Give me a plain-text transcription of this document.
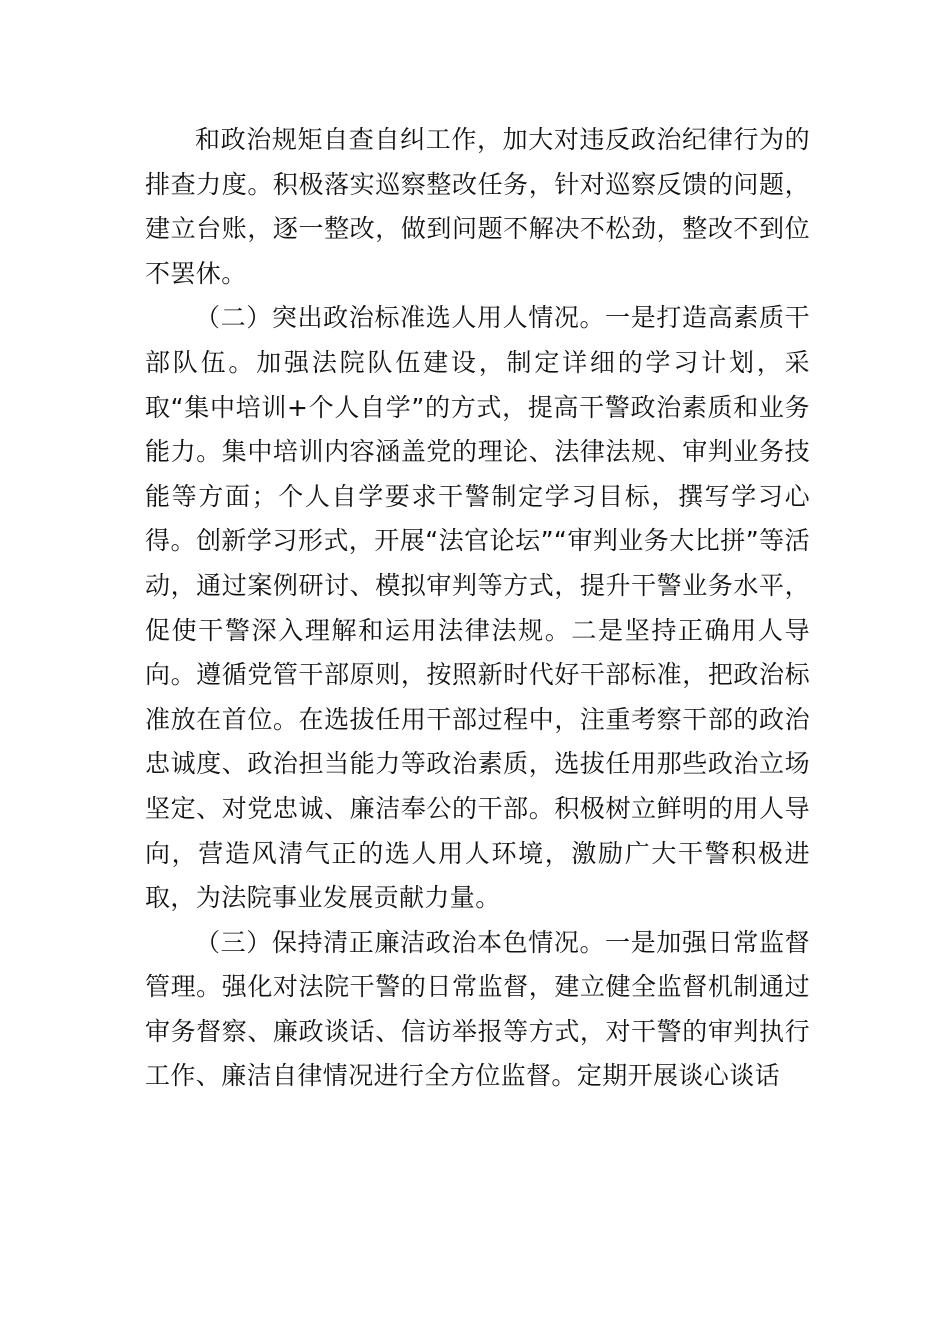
和政治规矩自查自纠工作，加大对违反政治纪律行为的排查力度。积极落实巡察整改任务，针对巡察反馈的问题，建立台账，逐一整改，做到问题不解决不松劲，整改不到位不罢休。

（二）突出政治标准选人用人情况。一是打造高素质干部队伍。加强法院队伍建设，制定详细的学习计划，采取“集中培训+个人自学”的方式，提高干警政治素质和业务能力。集中培训内容涵盖党的理论、法律法规、审判业务技能等方面；个人自学要求干警制定学习目标，撰写学习心得。创新学习形式，开展“法官论坛”“审判业务大比拼”等活动，通过案例研讨、模拟审判等方式，提升干警业务水平，促使干警深入理解和运用法律法规。二是坚持正确用人导向。遵循党管干部原则，按照新时代好干部标准，把政治标准放在首位。在选拔任用干部过程中，注重考察干部的政治忠诚度、政治担当能力等政治素质，选拔任用那些政治立场坚定、对党忠诚、廉洁奉公的干部。积极树立鲜明的用人导向，营造风清气正的选人用人环境，激励广大干警积极进取，为法院事业发展贡献力量。

（三）保持清正廉洁政治本色情况。一是加强日常监督管理。强化对法院干警的日常监督，建立健全监督机制通过审务督察、廉政谈话、信访举报等方式，对干警的审判执行工作、廉洁自律情况进行全方位监督。定期开展谈心谈话
